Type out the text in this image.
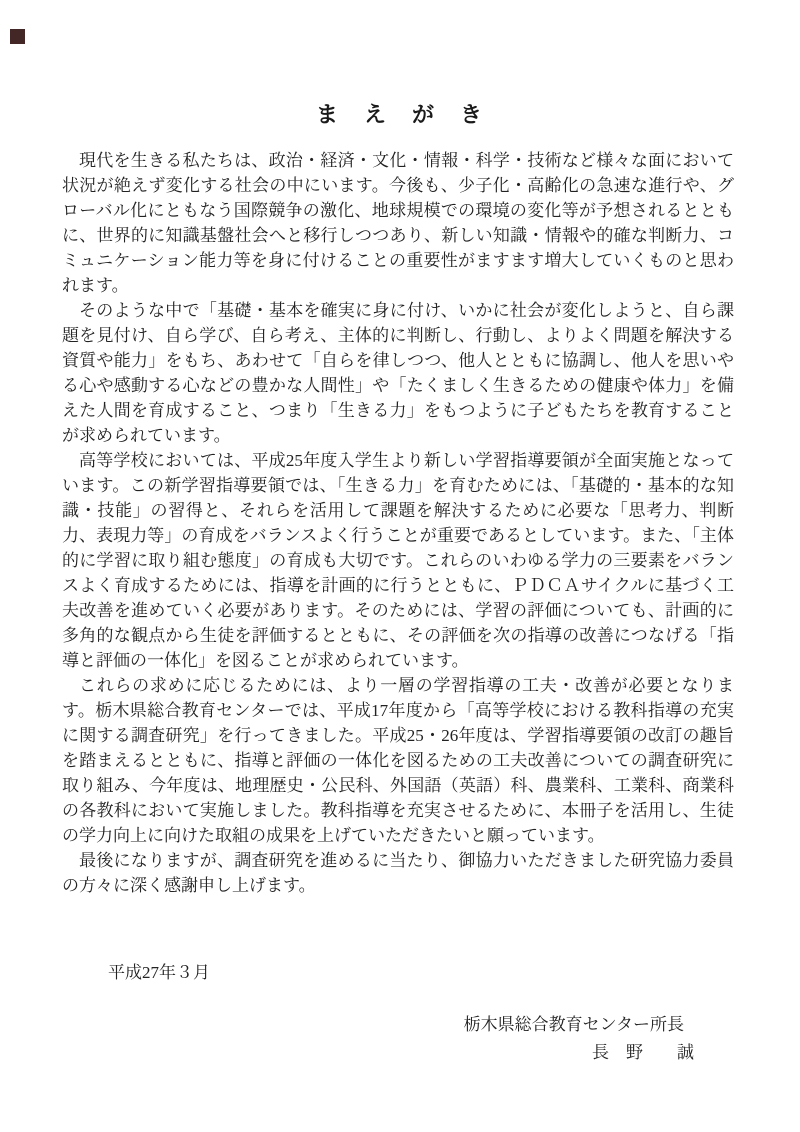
ま　え　が　き

現代を生きる私たちは、政治・経済・文化・情報・科学・技術など様々な面において状況が絶えず変化する社会の中にいます。今後も、少子化・高齢化の急速な進行や、グローバル化にともなう国際競争の激化、地球規模での環境の変化等が予想されるとともに、世界的に知識基盤社会へと移行しつつあり、新しい知識・情報や的確な判断力、コミュニケーション能力等を身に付けることの重要性がますます増大していくものと思われます。

そのような中で「基礎・基本を確実に身に付け、いかに社会が変化しようと、自ら課題を見付け、自ら学び、自ら考え、主体的に判断し、行動し、よりよく問題を解決する資質や能力」をもち、あわせて「自らを律しつつ、他人とともに協調し、他人を思いやる心や感動する心などの豊かな人間性」や「たくましく生きるための健康や体力」を備えた人間を育成すること、つまり「生きる力」をもつように子どもたちを教育することが求められています。

高等学校においては、平成25年度入学生より新しい学習指導要領が全面実施となっています。この新学習指導要領では、「生きる力」を育むためには、「基礎的・基本的な知識・技能」の習得と、それらを活用して課題を解決するために必要な「思考力、判断力、表現力等」の育成をバランスよく行うことが重要であるとしています。また、「主体的に学習に取り組む態度」の育成も大切です。これらのいわゆる学力の三要素をバランスよく育成するためには、指導を計画的に行うとともに、ＰＤＣＡサイクルに基づく工夫改善を進めていく必要があります。そのためには、学習の評価についても、計画的に多角的な観点から生徒を評価するとともに、その評価を次の指導の改善につなげる「指導と評価の一体化」を図ることが求められています。

これらの求めに応じるためには、より一層の学習指導の工夫・改善が必要となります。栃木県総合教育センターでは、平成17年度から「高等学校における教科指導の充実に関する調査研究」を行ってきました。平成25・26年度は、学習指導要領の改訂の趣旨を踏まえるとともに、指導と評価の一体化を図るための工夫改善についての調査研究に取り組み、今年度は、地理歴史・公民科、外国語（英語）科、農業科、工業科、商業科の各教科において実施しました。教科指導を充実させるために、本冊子を活用し、生徒の学力向上に向けた取組の成果を上げていただきたいと願っています。

最後になりますが、調査研究を進めるに当たり、御協力いただきました研究協力委員の方々に深く感謝申し上げます。

平成27年３月
栃木県総合教育センター所長
長　野　　誠
